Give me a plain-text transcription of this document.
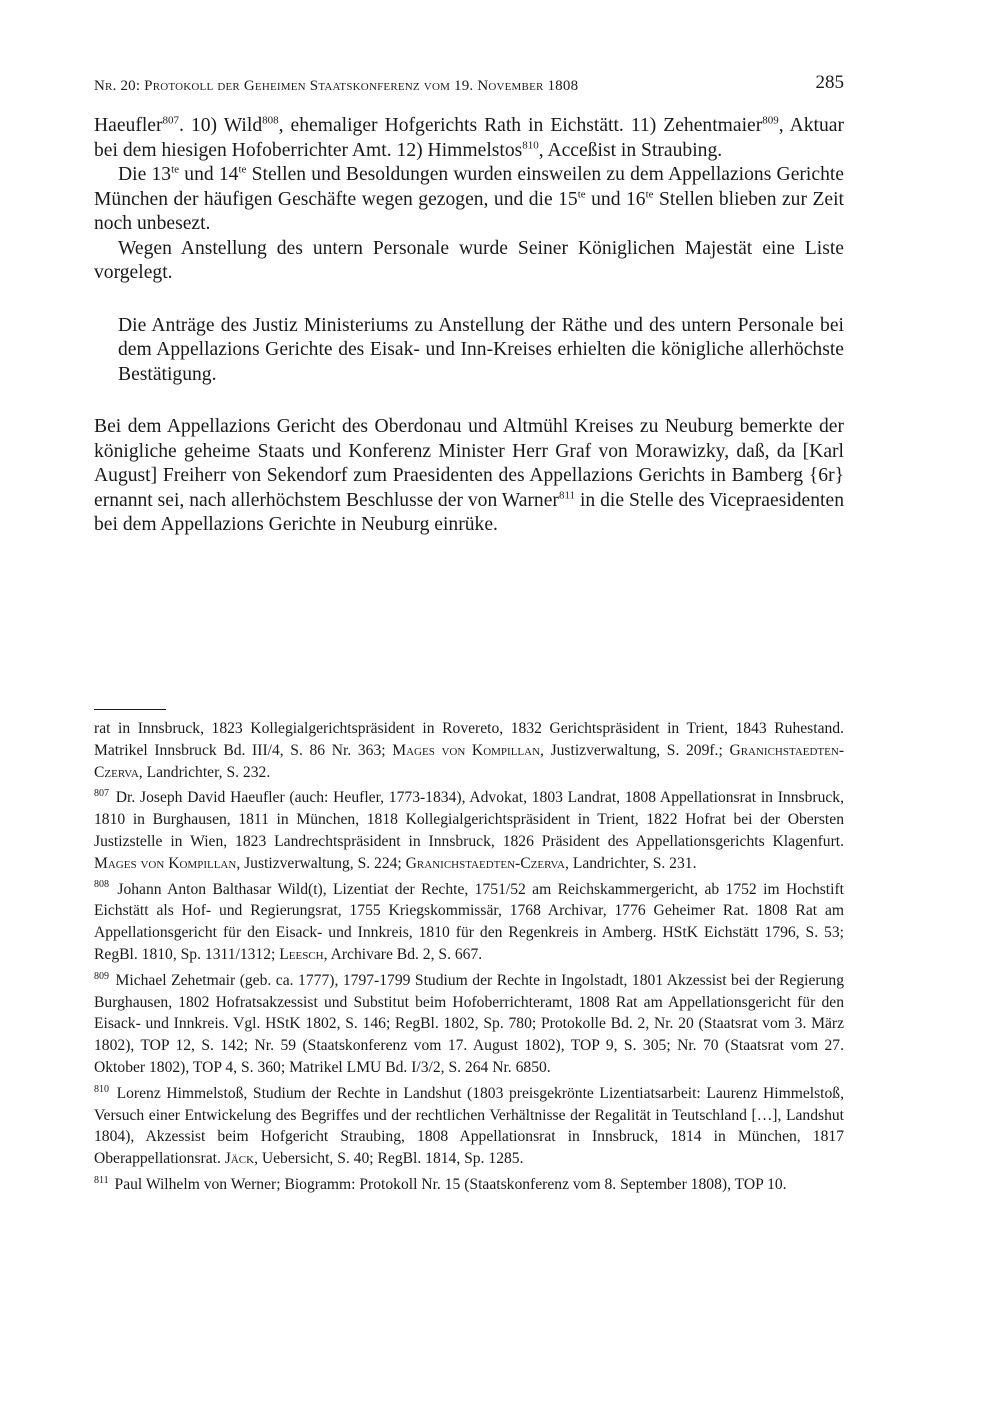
Nr. 20: Protokoll der Geheimen Staatskonferenz vom 19. November 1808	285

Haeufler$^{807}$. 10) Wild$^{808}$, ehemaliger Hofgerichts Rath in Eichstätt. 11) Zehentmaier$^{809}$, Aktuar bei dem hiesigen Hofoberrichter Amt. 12) Himmelstos$^{810}$, Acceßist in Straubing.

Die $13^{te}$ und $14^{te}$ Stellen und Besoldungen wurden einsweilen zu dem Appellazions Gerichte München der häufigen Geschäfte wegen gezogen, und die $15^{te}$ und $16^{te}$ Stellen blieben zur Zeit noch unbesezt.

Wegen Anstellung des untern Personale wurde Seiner Königlichen Majestät eine Liste vorgelegt.

Die Anträge des Justiz Ministeriums zu Anstellung der Räthe und des untern Personale bei dem Appellazions Gerichte des Eisak- und Inn-Kreises erhielten die königliche allerhöchste Bestätigung.

Bei dem Appellazions Gericht des Oberdonau und Altmühl Kreises zu Neuburg bemerkte der königliche geheime Staats und Konferenz Minister Herr Graf von Morawizky, daß, da [Karl August] Freiherr von Sekendorf zum Praesidenten des Appellazions Gerichts in Bamberg {6r} ernannt sei, nach allerhöchstem Beschlusse der von Warner$^{811}$ in die Stelle des Vicepraesidenten bei dem Appellazions Gerichte in Neuburg einrüke.

rat in Innsbruck, 1823 Kollegialgerichtspräsident in Rovereto, 1832 Gerichtspräsident in Trient, 1843 Ruhestand. Matrikel Innsbruck Bd. III/4, S. 86 Nr. 363; Mages von Kompillan, Justizverwaltung, S. 209f.; Granichstaedten-Czerva, Landrichter, S. 232.

$^{807}$ Dr. Joseph David Haeufler (auch: Heufler, 1773-1834), Advokat, 1803 Landrat, 1808 Appellationsrat in Innsbruck, 1810 in Burghausen, 1811 in München, 1818 Kollegialgerichtspräsident in Trient, 1822 Hofrat bei der Obersten Justizstelle in Wien, 1823 Landrechtspräsident in Innsbruck, 1826 Präsident des Appellationsgerichts Klagenfurt. Mages von Kompillan, Justizverwaltung, S. 224; Granichstaedten-Czerva, Landrichter, S. 231.

$^{808}$ Johann Anton Balthasar Wild(t), Lizentiat der Rechte, 1751/52 am Reichskammergericht, ab 1752 im Hochstift Eichstätt als Hof- und Regierungsrat, 1755 Kriegskommissär, 1768 Archivar, 1776 Geheimer Rat. 1808 Rat am Appellationsgericht für den Eisack- und Innkreis, 1810 für den Regenkreis in Amberg. HStK Eichstätt 1796, S. 53; RegBl. 1810, Sp. 1311/1312; Leesch, Archivare Bd. 2, S. 667.

$^{809}$ Michael Zehetmair (geb. ca. 1777), 1797-1799 Studium der Rechte in Ingolstadt, 1801 Akzessist bei der Regierung Burghausen, 1802 Hofratsakzessist und Substitut beim Hofoberrichteramt, 1808 Rat am Appellationsgericht für den Eisack- und Innkreis. Vgl. HStK 1802, S. 146; RegBl. 1802, Sp. 780; Protokolle Bd. 2, Nr. 20 (Staatsrat vom 3. März 1802), TOP 12, S. 142; Nr. 59 (Staatskonferenz vom 17. August 1802), TOP 9, S. 305; Nr. 70 (Staatsrat vom 27. Oktober 1802), TOP 4, S. 360; Matrikel LMU Bd. I/3/2, S. 264 Nr. 6850.

$^{810}$ Lorenz Himmelstoß, Studium der Rechte in Landshut (1803 preisgekrönte Lizentiatsarbeit: Laurenz Himmelstoß, Versuch einer Entwickelung des Begriffes und der rechtlichen Verhältnisse der Regalität in Teutschland […], Landshut 1804), Akzessist beim Hofgericht Straubing, 1808 Appellationsrat in Innsbruck, 1814 in München, 1817 Oberappellationsrat. Jäck, Uebersicht, S. 40; RegBl. 1814, Sp. 1285.

$^{811}$ Paul Wilhelm von Werner; Biogramm: Protokoll Nr. 15 (Staatskonferenz vom 8. September 1808), TOP 10.
